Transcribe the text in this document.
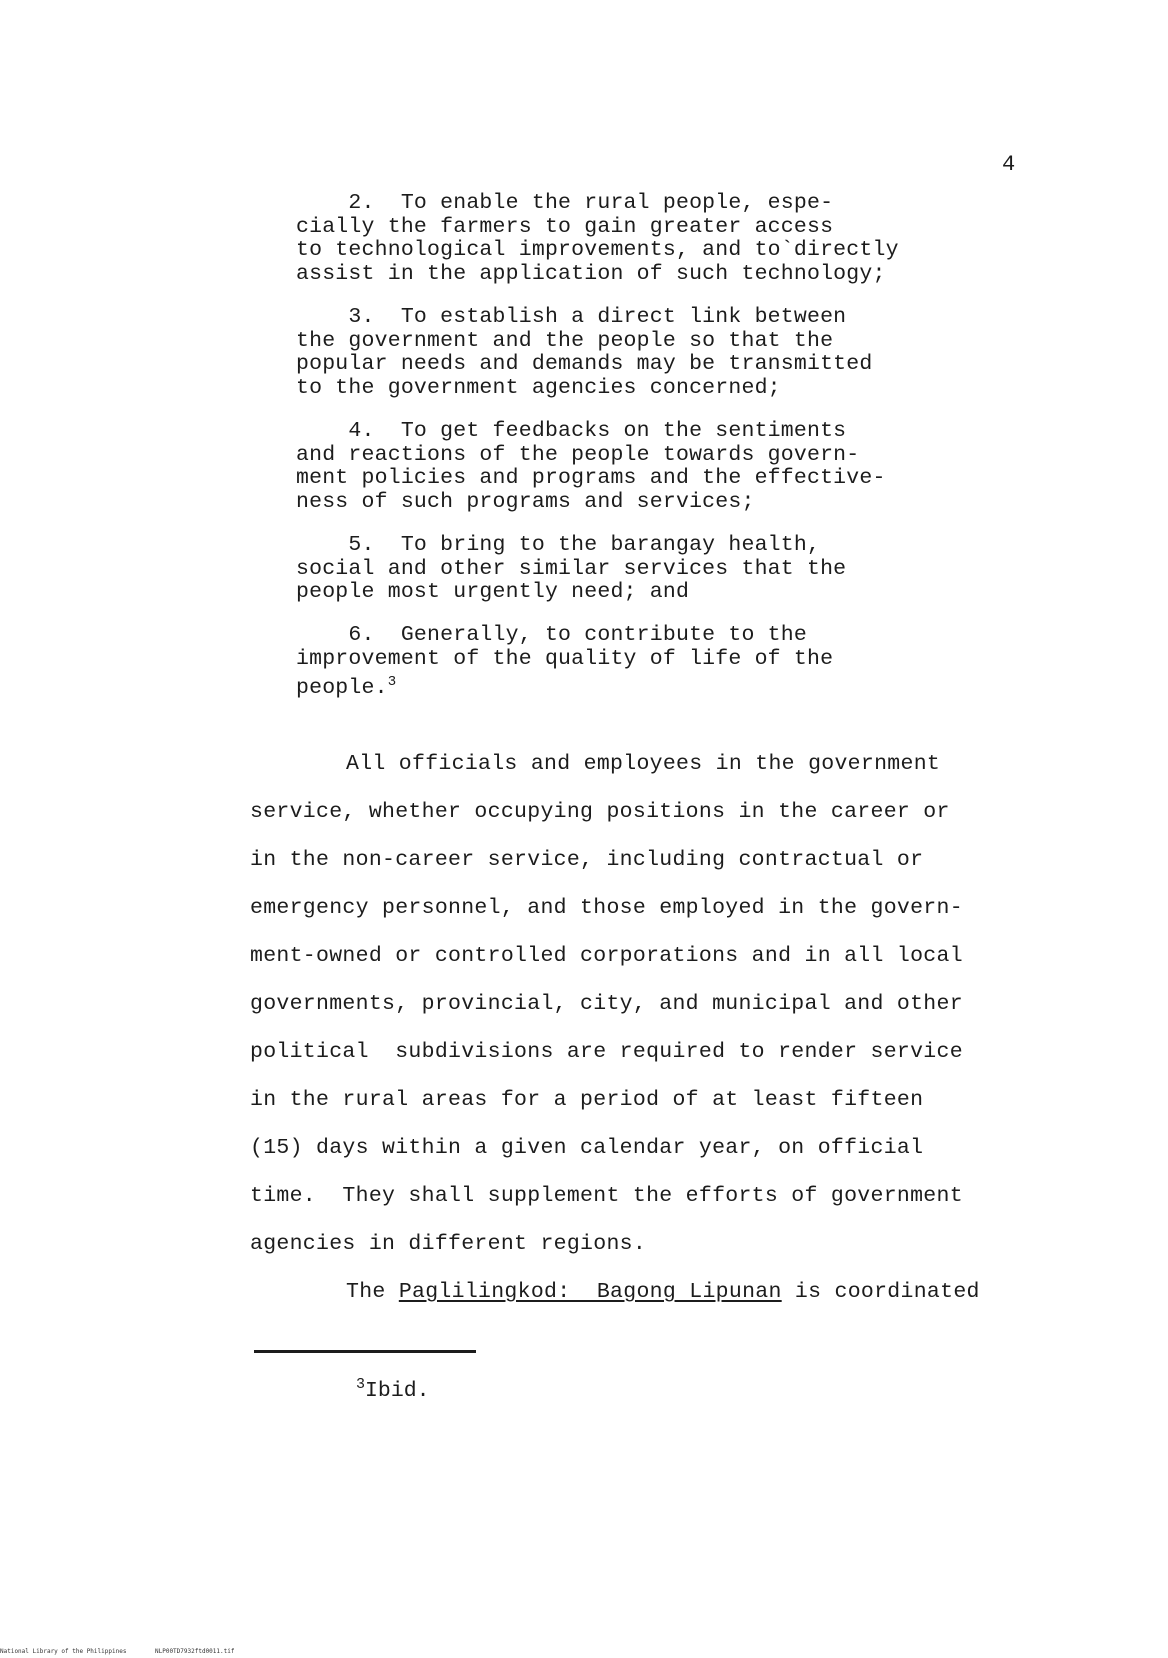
4
2.  To enable the rural people, espe-
cially the farmers to gain greater access
to technological improvements, and to`directly
assist in the application of such technology;
3.  To establish a direct link between
the government and the people so that the
popular needs and demands may be transmitted
to the government agencies concerned;
4.  To get feedbacks on the sentiments
and reactions of the people towards govern-
ment policies and programs and the effective-
ness of such programs and services;
5.  To bring to the barangay health,
social and other similar services that the
people most urgently need; and
6.  Generally, to contribute to the
improvement of the quality of life of the
people.$^3$
All officials and employees in the government
service, whether occupying positions in the career or
in the non-career service, including contractual or
emergency personnel, and those employed in the govern-
ment-owned or controlled corporations and in all local
governments, provincial, city, and municipal and other
political  subdivisions are required to render service
in the rural areas for a period of at least fifteen
(15) days within a given calendar year, on official
time.  They shall supplement the efforts of government
agencies in different regions.
The Paglilingkod:  Bagong Lipunan is coordinated
$^3$Ibid.
National Library of the Philippines	NLP00TD7932ftd0011.tif
